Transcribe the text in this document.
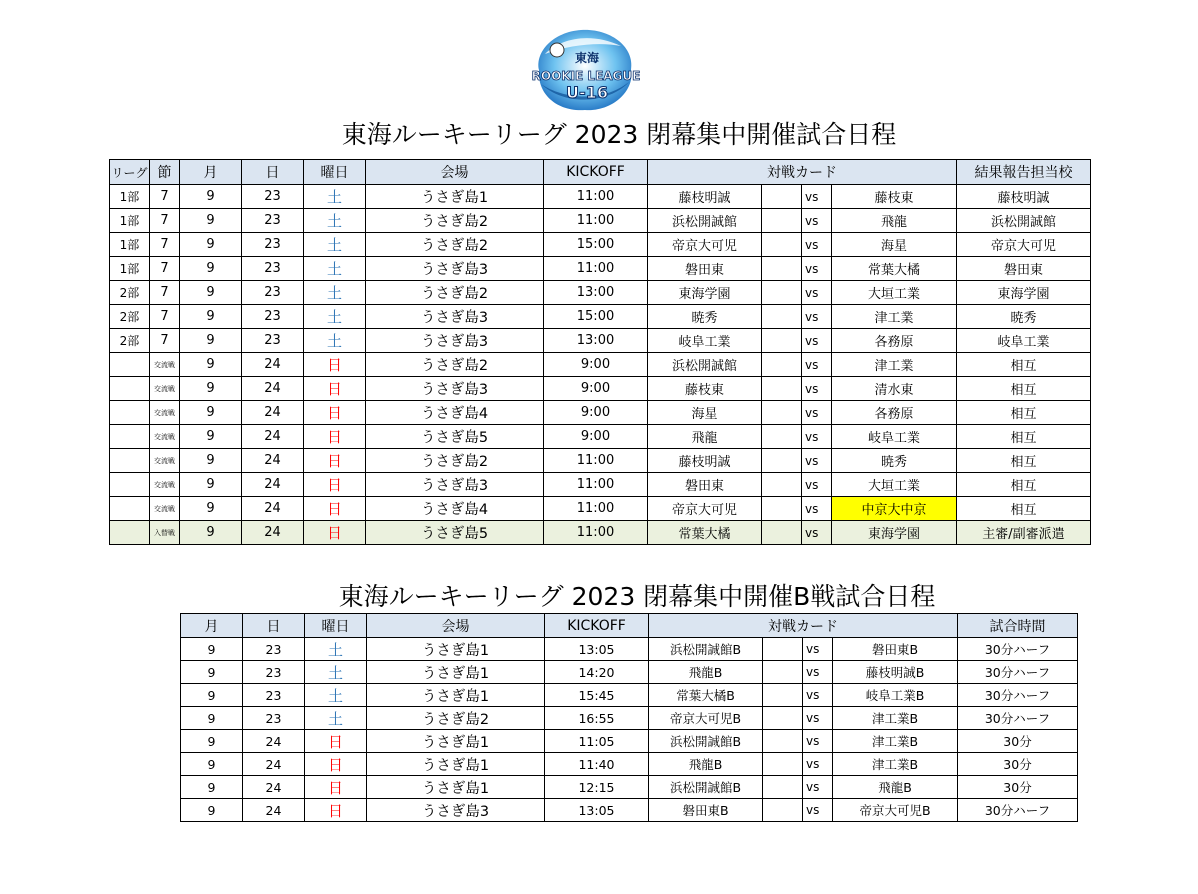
東海
ROOKIE LEAGUE
U-16
東海ルーキーリーグ 2023 閉幕集中開催試合日程
リーグ	節	月	日	曜日	会場	KICKOFF	対戦カード				結果報告担当校
1部	7	9	23	土	うさぎ島1	11:00	藤枝明誠		vs	藤枝東	藤枝明誠
1部	7	9	23	土	うさぎ島2	11:00	浜松開誠館		vs	飛龍	浜松開誠館
1部	7	9	23	土	うさぎ島2	15:00	帝京大可児		vs	海星	帝京大可児
1部	7	9	23	土	うさぎ島3	11:00	磐田東		vs	常葉大橘	磐田東
2部	7	9	23	土	うさぎ島2	13:00	東海学園		vs	大垣工業	東海学園
2部	7	9	23	土	うさぎ島3	15:00	暁秀		vs	津工業	暁秀
2部	7	9	23	土	うさぎ島3	13:00	岐阜工業		vs	各務原	岐阜工業
	交流戦	9	24	日	うさぎ島2	9:00	浜松開誠館		vs	津工業	相互
	交流戦	9	24	日	うさぎ島3	9:00	藤枝東		vs	清水東	相互
	交流戦	9	24	日	うさぎ島4	9:00	海星		vs	各務原	相互
	交流戦	9	24	日	うさぎ島5	9:00	飛龍		vs	岐阜工業	相互
	交流戦	9	24	日	うさぎ島2	11:00	藤枝明誠		vs	暁秀	相互
	交流戦	9	24	日	うさぎ島3	11:00	磐田東		vs	大垣工業	相互
	交流戦	9	24	日	うさぎ島4	11:00	帝京大可児		vs	中京大中京	相互
	入替戦	9	24	日	うさぎ島5	11:00	常葉大橘		vs	東海学園	主審/副審派遣
東海ルーキーリーグ 2023 閉幕集中開催B戦試合日程
月	日	曜日	会場	KICKOFF	対戦カード				試合時間
9	23	土	うさぎ島1	13:05	浜松開誠館B		vs	磐田東B	30分ハーフ
9	23	土	うさぎ島1	14:20	飛龍B		vs	藤枝明誠B	30分ハーフ
9	23	土	うさぎ島1	15:45	常葉大橘B		vs	岐阜工業B	30分ハーフ
9	23	土	うさぎ島2	16:55	帝京大可児B		vs	津工業B	30分ハーフ
9	24	日	うさぎ島1	11:05	浜松開誠館B		vs	津工業B	30分
9	24	日	うさぎ島1	11:40	飛龍B		vs	津工業B	30分
9	24	日	うさぎ島1	12:15	浜松開誠館B		vs	飛龍B	30分
9	24	日	うさぎ島3	13:05	磐田東B		vs	帝京大可児B	30分ハーフ
